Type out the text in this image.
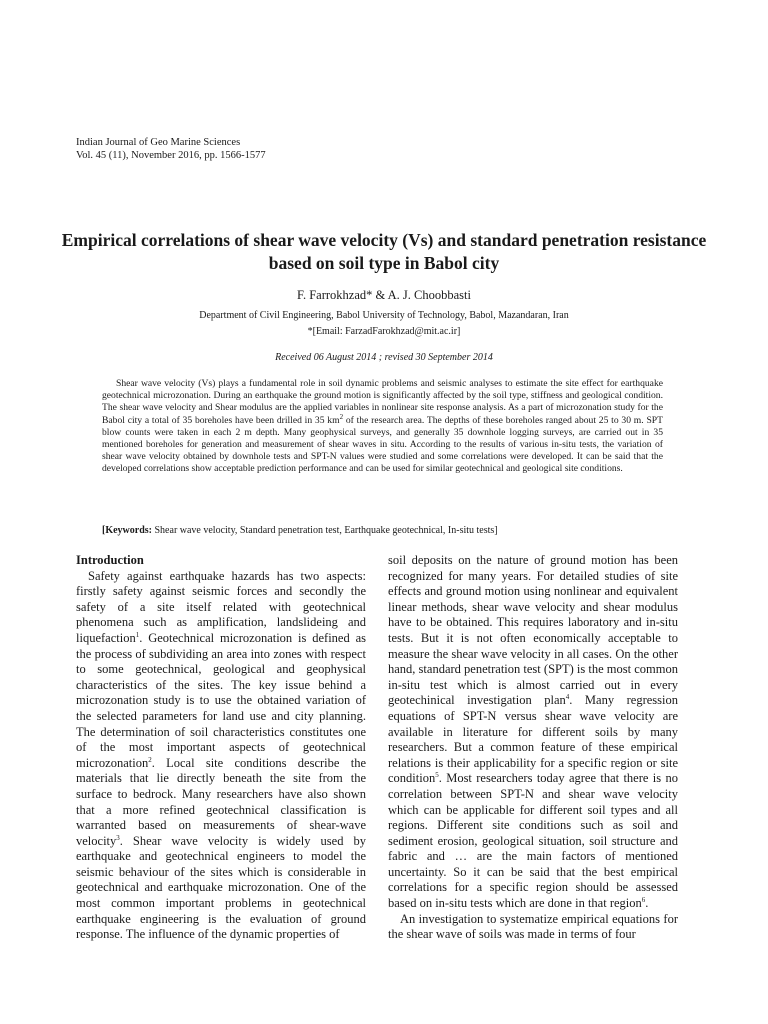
Indian Journal of Geo Marine Sciences
Vol. 45 (11), November 2016, pp. 1566-1577
Empirical correlations of shear wave velocity (Vs) and standard penetration resistance based on soil type in Babol city
F. Farrokhzad* & A. J. Choobbasti
Department of Civil Engineering, Babol University of Technology, Babol, Mazandaran, Iran
*[Email: FarzadFarokhzad@mit.ac.ir]
Received 06 August 2014 ; revised 30 September 2014
Shear wave velocity (Vs) plays a fundamental role in soil dynamic problems and seismic analyses to estimate the site effect for earthquake geotechnical microzonation. During an earthquake the ground motion is significantly affected by the soil type, stiffness and geological condition. The shear wave velocity and Shear modulus are the applied variables in nonlinear site response analysis. As a part of microzonation study for the Babol city a total of 35 boreholes have been drilled in 35 $km^2$ of the research area. The depths of these boreholes ranged about 25 to 30 m. SPT blow counts were taken in each 2 m depth. Many geophysical surveys, and generally 35 downhole logging surveys, are carried out in 35 mentioned boreholes for generation and measurement of shear waves in situ. According to the results of various in-situ tests, the variation of shear wave velocity obtained by downhole tests and SPT-N values were studied and some correlations were developed. It can be said that the developed correlations show acceptable prediction performance and can be used for similar geotechnical and geological site conditions.
[Keywords: Shear wave velocity, Standard penetration test, Earthquake geotechnical, In-situ tests]

Introduction

Safety against earthquake hazards has two aspects: firstly safety against seismic forces and secondly the safety of a site itself related with geotechnical phenomena such as amplification, landslideing and liquefaction$^1$. Geotechnical microzonation is defined as the process of subdividing an area into zones with respect to some geotechnical, geological and geophysical characteristics of the sites. The key issue behind a microzonation study is to use the obtained variation of the selected parameters for land use and city planning. The determination of soil characteristics constitutes one of the most important aspects of geotechnical microzonation$^2$. Local site conditions describe the materials that lie directly beneath the site from the surface to bedrock. Many researchers have also shown that a more refined geotechnical classification is warranted based on measurements of shear-wave velocity$^3$. Shear wave velocity is widely used by earthquake and geotechnical engineers to model the seismic behaviour of the sites which is considerable in geotechnical and earthquake microzonation. One of the most common important problems in geotechnical earthquake engineering is the evaluation of ground response. The influence of the dynamic properties of

soil deposits on the nature of ground motion has been recognized for many years. For detailed studies of site effects and ground motion using nonlinear and equivalent linear methods, shear wave velocity and shear modulus have to be obtained. This requires laboratory and in-situ tests. But it is not often economically acceptable to measure the shear wave velocity in all cases. On the other hand, standard penetration test (SPT) is the most common in-situ test which is almost carried out in every geotechinical investigation plan$^4$. Many regression equations of SPT-N versus shear wave velocity are available in literature for different soils by many researchers. But a common feature of these empirical relations is their applicability for a specific region or site condition$^5$. Most researchers today agree that there is no correlation between SPT-N and shear wave velocity which can be applicable for different soil types and all regions. Different site conditions such as soil and sediment erosion, geological situation, soil structure and fabric and … are the main factors of mentioned uncertainty. So it can be said that the best empirical correlations for a specific region should be assessed based on in-situ tests which are done in that region$^6$.

An investigation to systematize empirical equations for the shear wave of soils was made in terms of four
